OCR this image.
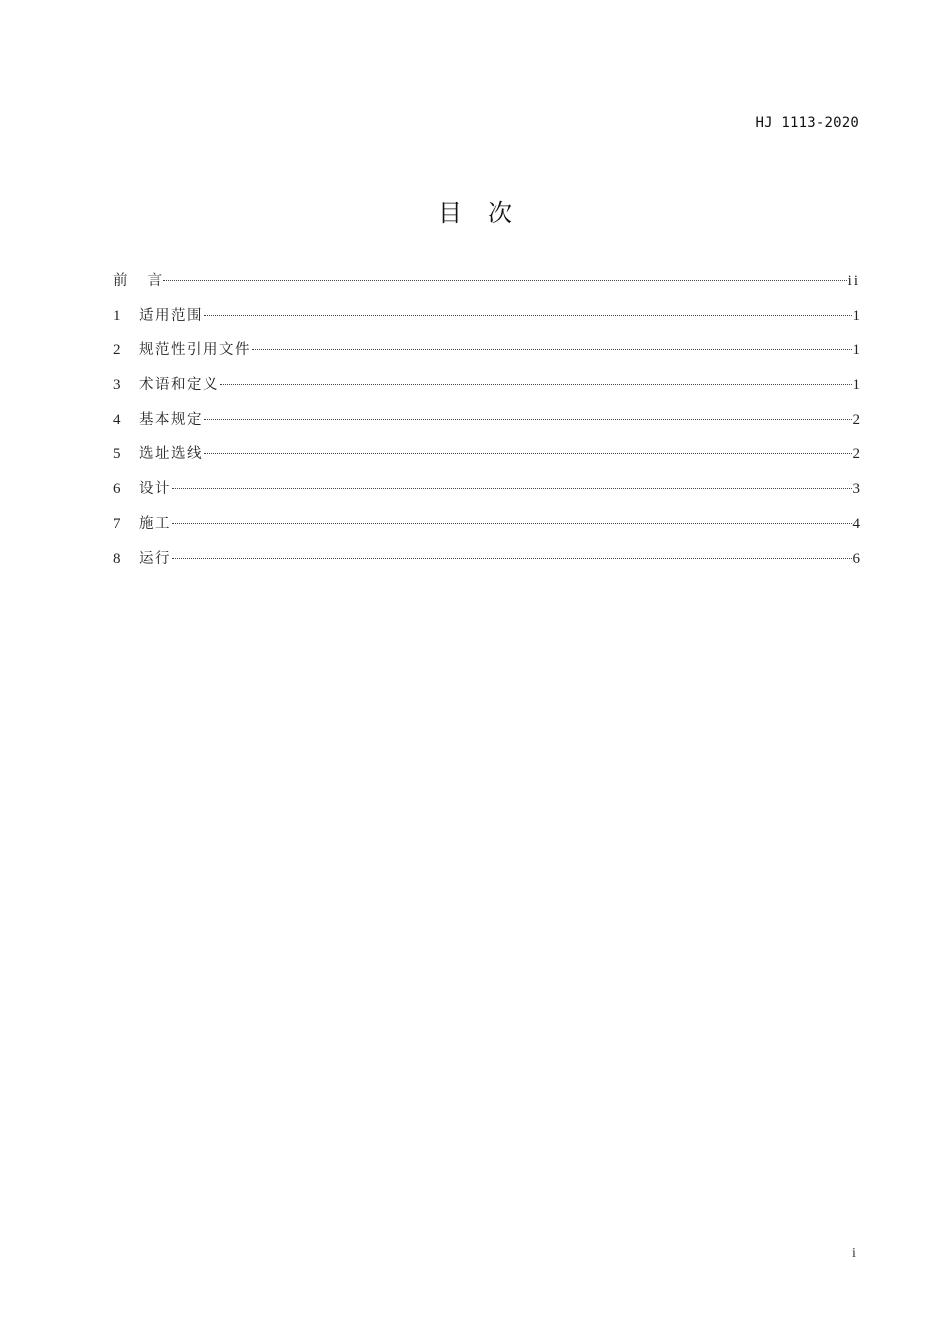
HJ 1113-2020
目 次
前 言	ii
1	适用范围	1
2	规范性引用文件	1
3	术语和定义	1
4	基本规定	2
5	选址选线	2
6	设计	3
7	施工	4
8	运行	6
i
